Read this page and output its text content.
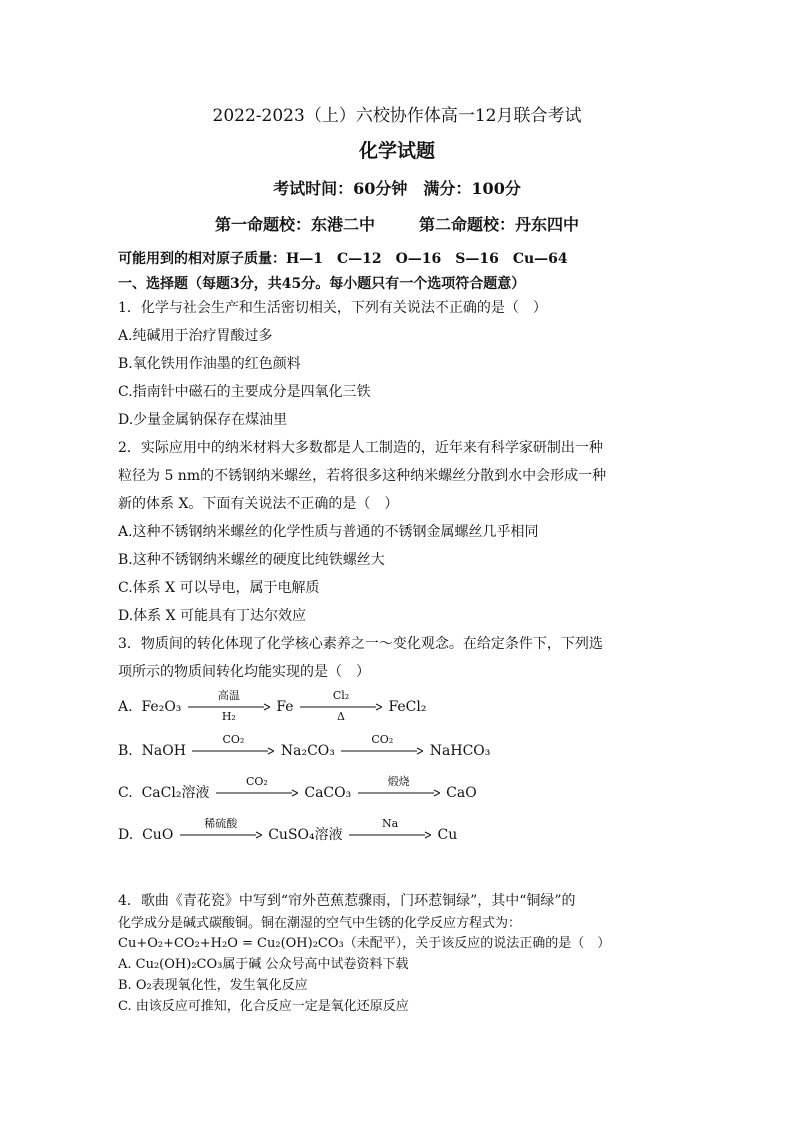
2022-2023（上）六校协作体高一12月联合考试
化学试题
考试时间：60分钟　满分：100分
第一命题校：东港二中	第二命题校：丹东四中
可能用到的相对原子质量：H—1　C—12　O—16　S—16　Cu—64
一、选择题（每题3分，共45分。每小题只有一个选项符合题意）
1．化学与社会生产和生活密切相关，下列有关说法不正确的是（　）
A.纯碱用于治疗胃酸过多
B.氧化铁用作油墨的红色颜料
C.指南针中磁石的主要成分是四氧化三铁
D.少量金属钠保存在煤油里
2．实际应用中的纳米材料大多数都是人工制造的，近年来有科学家研制出一种
粒径为 5 nm的不锈钢纳米螺丝，若将很多这种纳米螺丝分散到水中会形成一种
新的体系 X。下面有关说法不正确的是（　）
A.这种不锈钢纳米螺丝的化学性质与普通的不锈钢金属螺丝几乎相同
B.这种不锈钢纳米螺丝的硬度比纯铁螺丝大
C.体系 X 可以导电，属于电解质
D.体系 X 可能具有丁达尔效应
3．物质间的转化体现了化学核心素养之一～变化观念。在给定条件下，下列选
项所示的物质间转化均能实现的是（　）
A. Fe₂O₃
高温
H₂
Fe
Cl₂
Δ
FeCl₂
B. NaOH
CO₂
Na₂CO₃
CO₂
NaHCO₃
C. CaCl₂溶液
CO₂
CaCO₃
煅烧
CaO
D. CuO
稀硫酸
CuSO₄溶液
Na
Cu
4．歌曲《青花瓷》中写到“帘外芭蕉惹骤雨，门环惹铜绿”，其中“铜绿”的
化学成分是碱式碳酸铜。铜在潮湿的空气中生锈的化学反应方程式为：
Cu+O₂+CO₂+H₂O = Cu₂(OH)₂CO₃（未配平），关于该反应的说法正确的是（　）
A. Cu₂(OH)₂CO₃属于碱 公众号高中试卷资料下载
B. O₂表现氧化性，发生氧化反应
C. 由该反应可推知，化合反应一定是氧化还原反应
